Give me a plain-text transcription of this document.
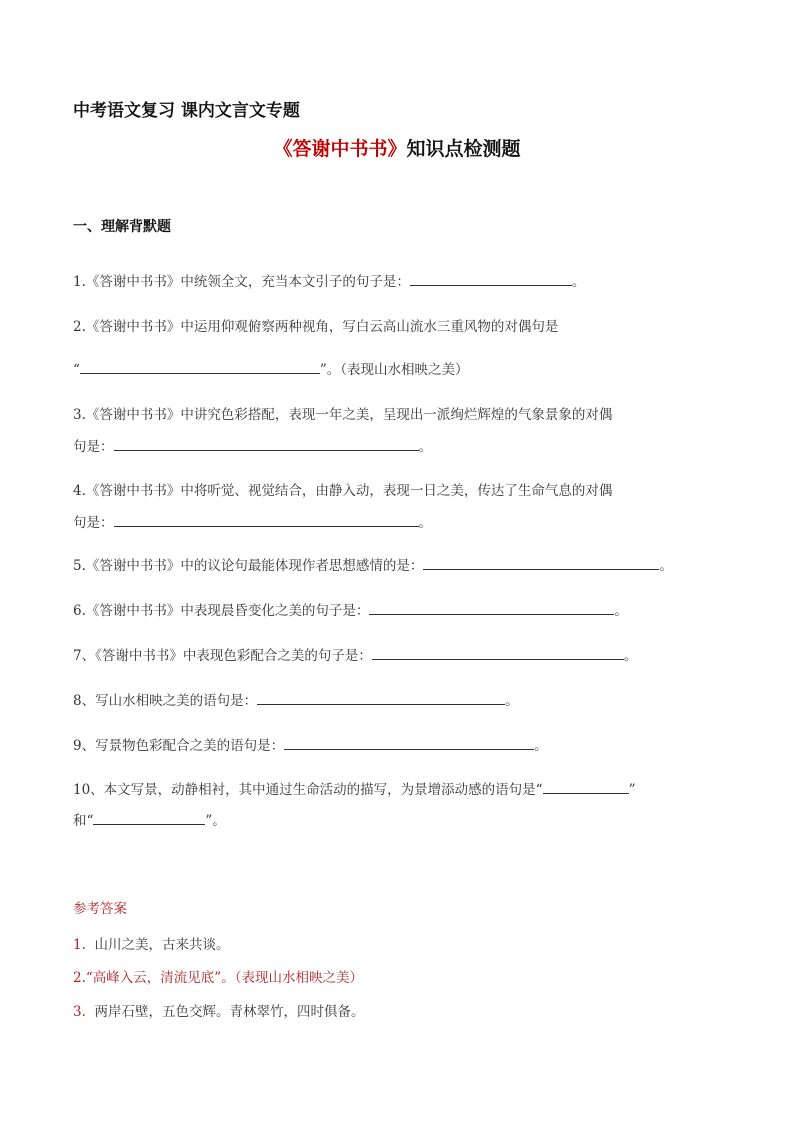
中考语文复习 课内文言文专题
《答谢中书书》知识点检测题
一、理解背默题
1.《答谢中书书》中统领全文，充当本文引子的句子是：	。
2.《答谢中书书》中运用仰观俯察两种视角，写白云高山流水三重风物的对偶句是
“	”。（表现山水相映之美）
3.《答谢中书书》中讲究色彩搭配，表现一年之美，呈现出一派绚烂辉煌的气象景象的对偶
句是：	。
4.《答谢中书书》中将听觉、视觉结合，由静入动，表现一日之美，传达了生命气息的对偶
句是：	。
5.《答谢中书书》中的议论句最能体现作者思想感情的是：	。
6.《答谢中书书》中表现晨昏变化之美的句子是：	。
7、《答谢中书书》中表现色彩配合之美的句子是：	。
8、写山水相映之美的语句是：	。
9、写景物色彩配合之美的语句是：	。
10、本文写景，动静相衬，其中通过生命活动的描写，为景增添动感的语句是“	”
和“	”。
参考答案
1. 山川之美，古来共谈。
2.“高峰入云，清流见底”。（表现山水相映之美）
3. 两岸石壁，五色交辉。青林翠竹，四时俱备。
